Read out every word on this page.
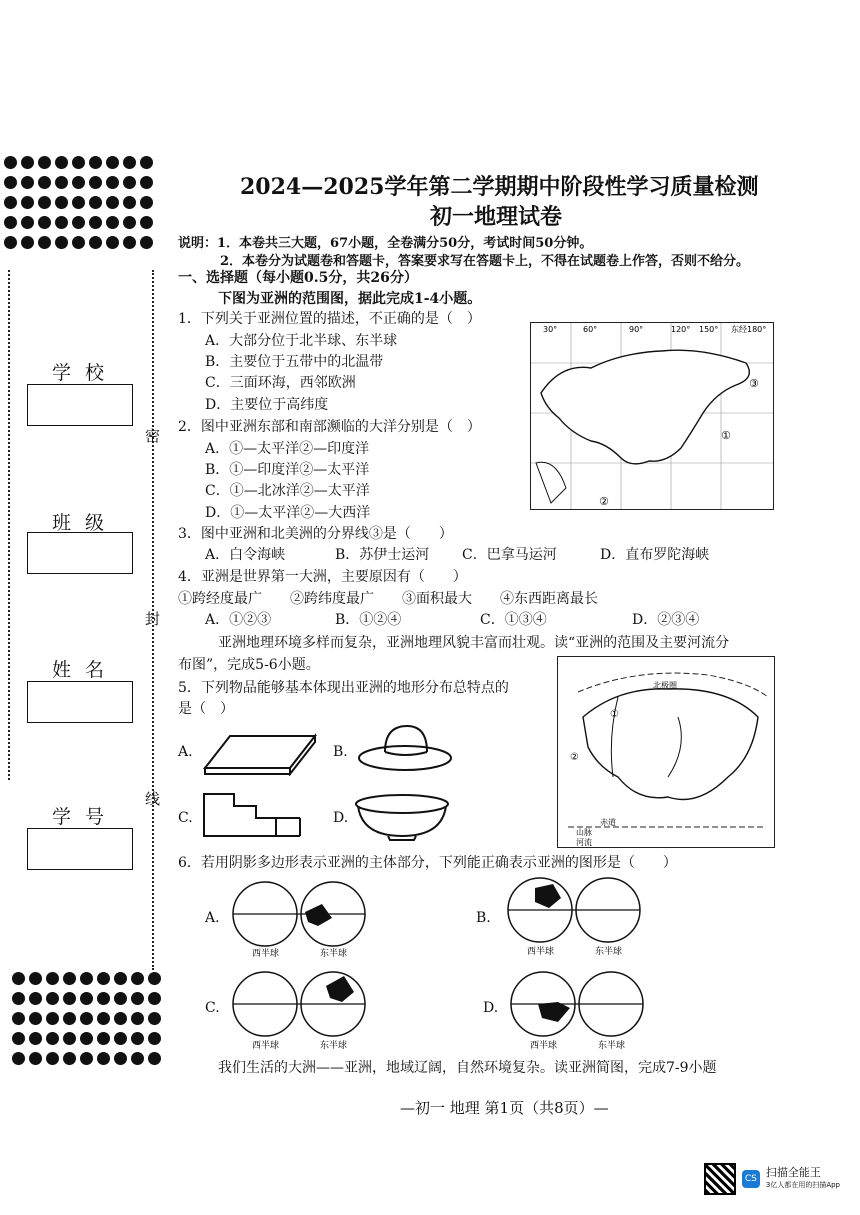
学校
班级
姓名
学号
密
封
线
2024—2025学年第二学期期中阶段性学习质量检测
初一地理试卷
说明：1．本卷共三大题，67小题，全卷满分50分，考试时间50分钟。
2．本卷分为试题卷和答题卡，答案要求写在答题卡上，不得在试题卷上作答，否则不给分。
一、选择题（每小题0.5分，共26分）
下图为亚洲的范围图，据此完成1-4小题。
1．下列关于亚洲位置的描述，不正确的是（　）
A．大部分位于北半球、东半球
B．主要位于五带中的北温带
C．三面环海，西邻欧洲
D．主要位于高纬度
2．图中亚洲东部和南部濒临的大洋分别是（　）
A．①—太平洋②—印度洋
B．①—印度洋②—太平洋
C．①—北冰洋②—太平洋
D．①—太平洋②—大西洋
3．图中亚洲和北美洲的分界线③是（　　）
A．白令海峡	B．苏伊士运河 C．巴拿马运河	D．直布罗陀海峡
4．亚洲是世界第一大洲，主要原因有（　　）
①跨经度最广　　②跨纬度最广　　③面积最大　　④东西距离最长
A．①②③	B．①②④	C．①③④	D．②③④
亚洲地理环境多样而复杂，亚洲地理风貌丰富而壮观。读“亚洲的范围及主要河流分
布图”，完成5-6小题。
5．下列物品能够基本体现出亚洲的地形分布总特点的
是（　）
A.	B.
C.	D.
30°	60°	90°	120° 150° 东经180°
①
②
③
①
②
北极圈
山脉
河流
赤道
6．若用阴影多边形表示亚洲的主体部分，下列能正确表示亚洲的图形是（　　）
A.	B.
C.	D.
西半球	东半球	西半球	东半球
西半球	东半球	西半球	东半球
我们生活的大洲——亚洲，地域辽阔，自然环境复杂。读亚洲简图，完成7-9小题
—初一 地理 第1页（共8页）—
CS 扫描全能王
3亿人都在用的扫描App
